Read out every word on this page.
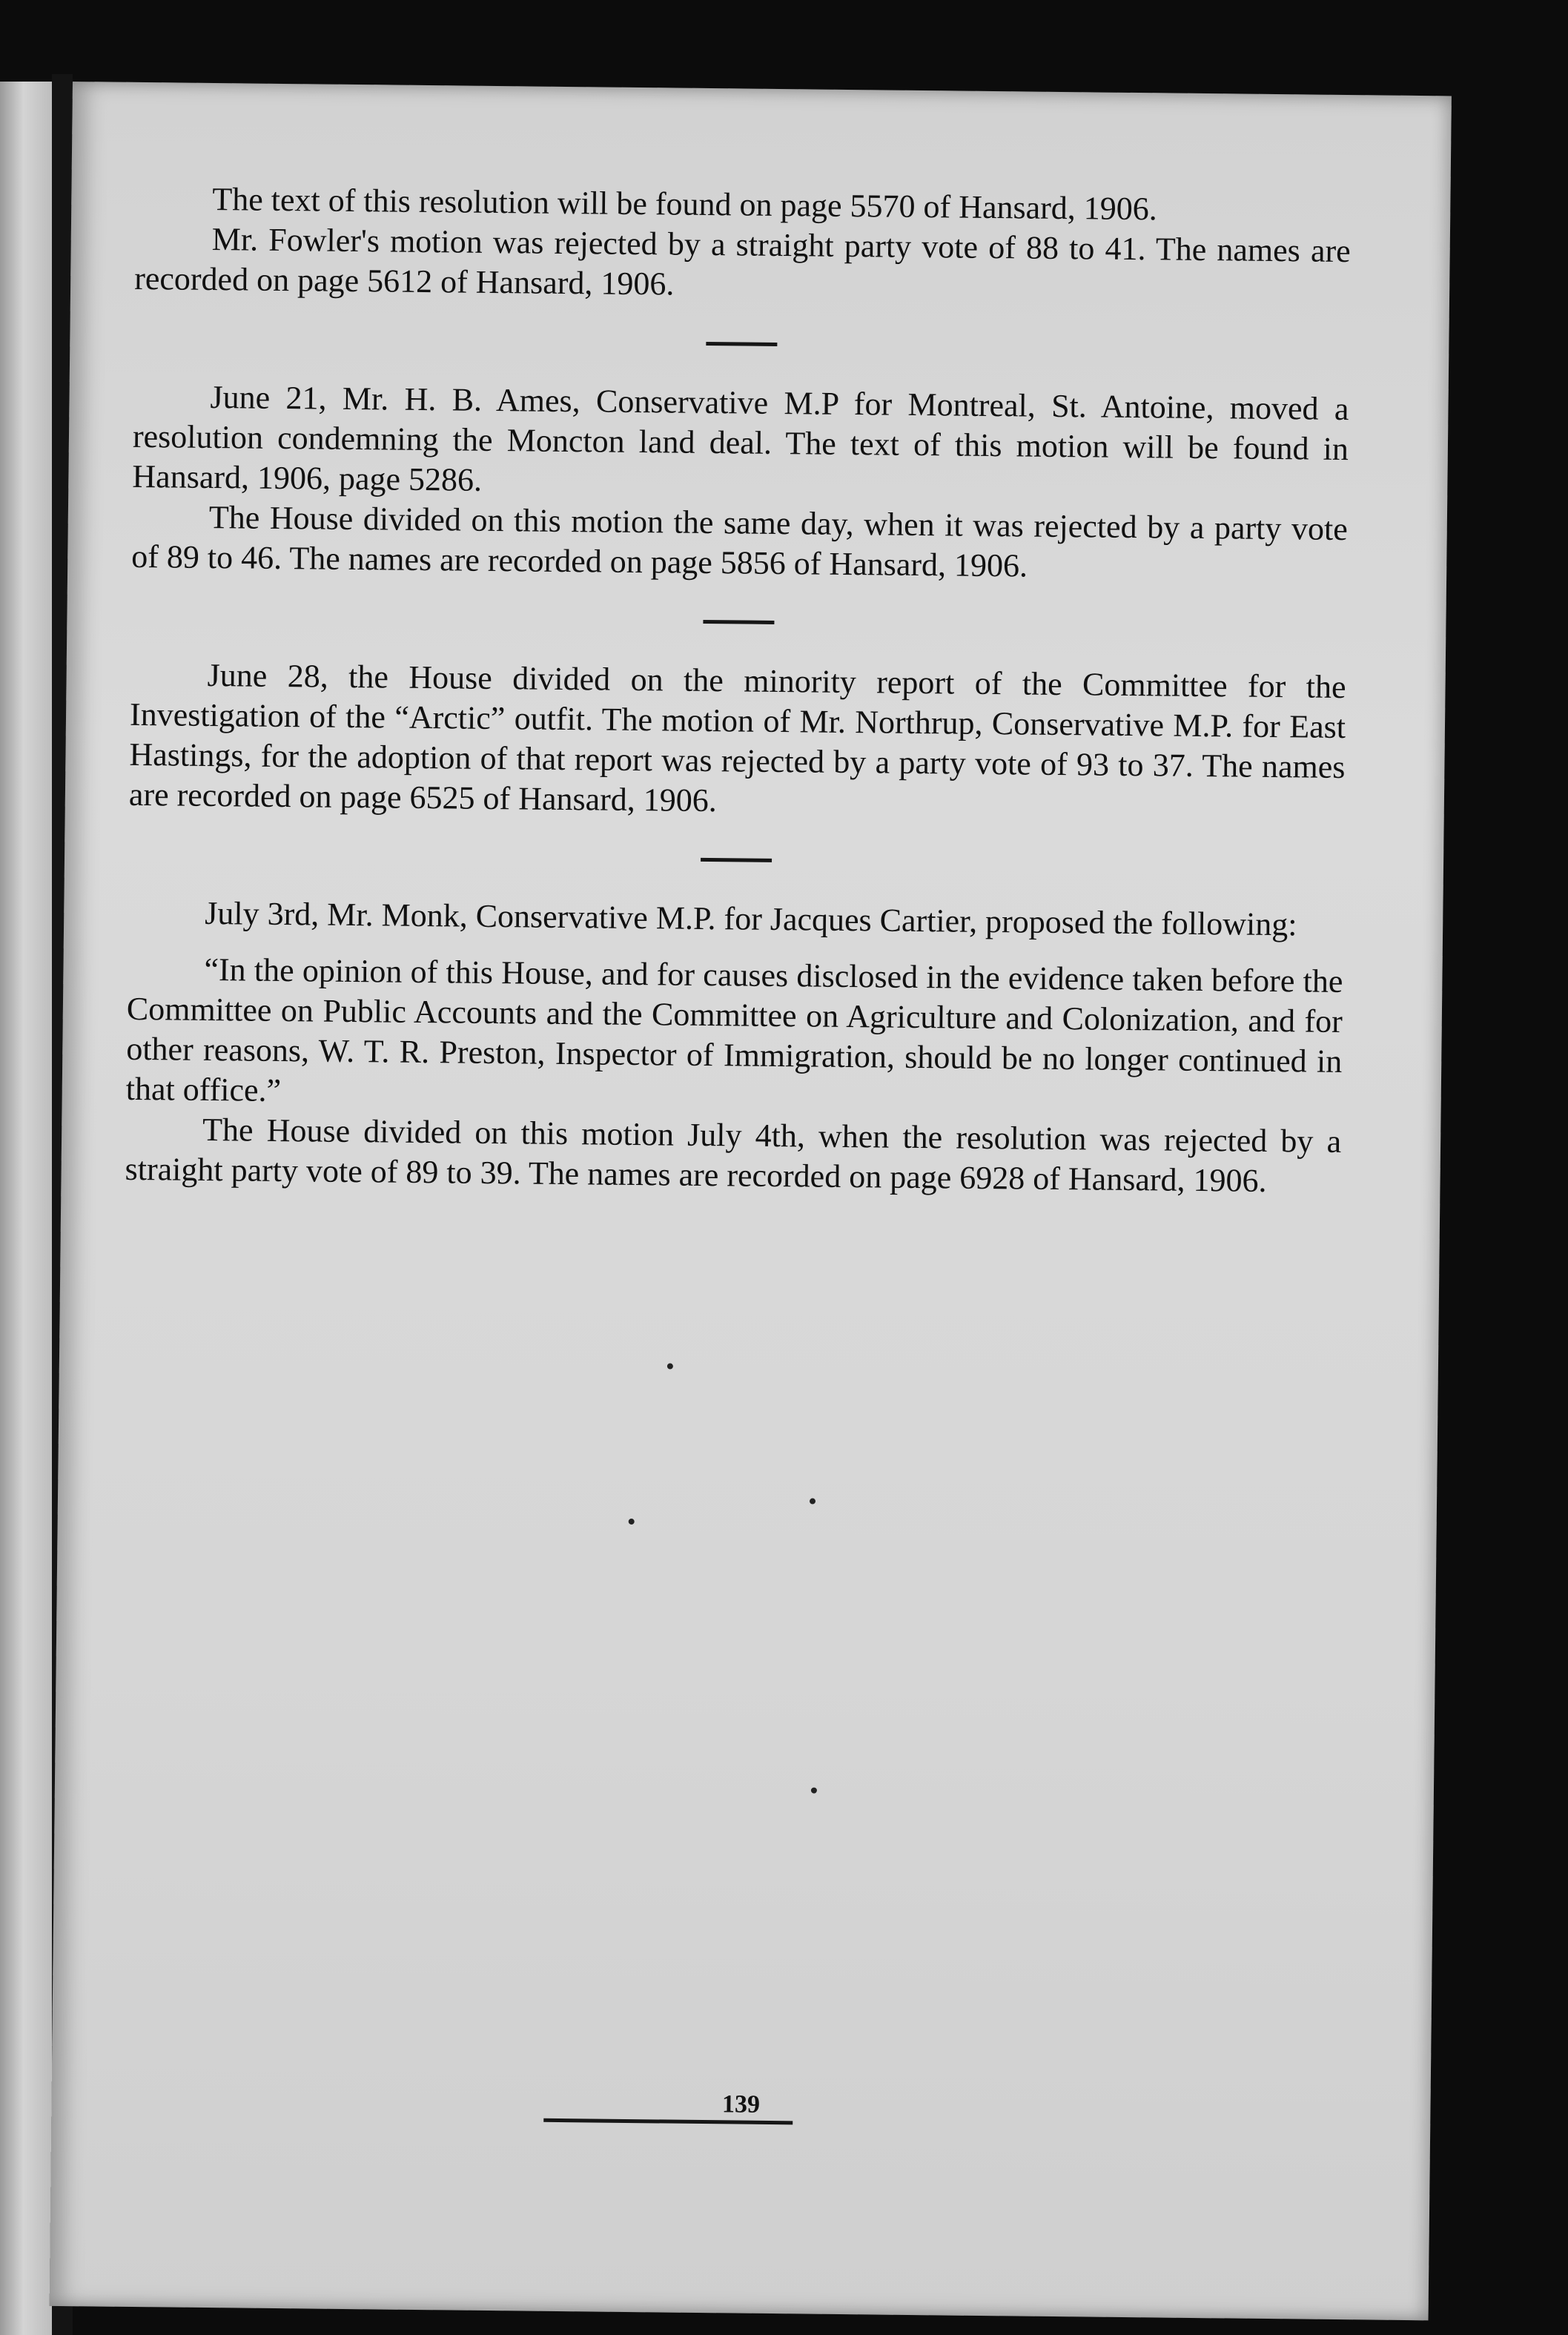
The text of this resolution will be found on page 5570 of Hansard, 1906.

Mr. Fowler's motion was rejected by a straight party vote of 88 to 41. The names are recorded on page 5612 of Hansard, 1906.

June 21, Mr. H. B. Ames, Conservative M.P for Montreal, St. Antoine, moved a resolution condemning the Moncton land deal. The text of this motion will be found in Hansard, 1906, page 5286.

The House divided on this motion the same day, when it was rejected by a party vote of 89 to 46. The names are recorded on page 5856 of Hansard, 1906.

June 28, the House divided on the minority report of the Committee for the Investigation of the “Arctic” outfit. The motion of Mr. Northrup, Conservative M.P. for East Hastings, for the adoption of that report was rejected by a party vote of 93 to 37. The names are recorded on page 6525 of Hansard, 1906.

July 3rd, Mr. Monk, Conservative M.P. for Jacques Cartier, proposed the following:

“In the opinion of this House, and for causes disclosed in the evidence taken before the Committee on Public Accounts and the Committee on Agriculture and Colonization, and for other reasons, W. T. R. Preston, Inspector of Immigration, should be no longer continued in that office.”

The House divided on this motion July 4th, when the resolution was rejected by a straight party vote of 89 to 39. The names are recorded on page 6928 of Hansard, 1906.

139
